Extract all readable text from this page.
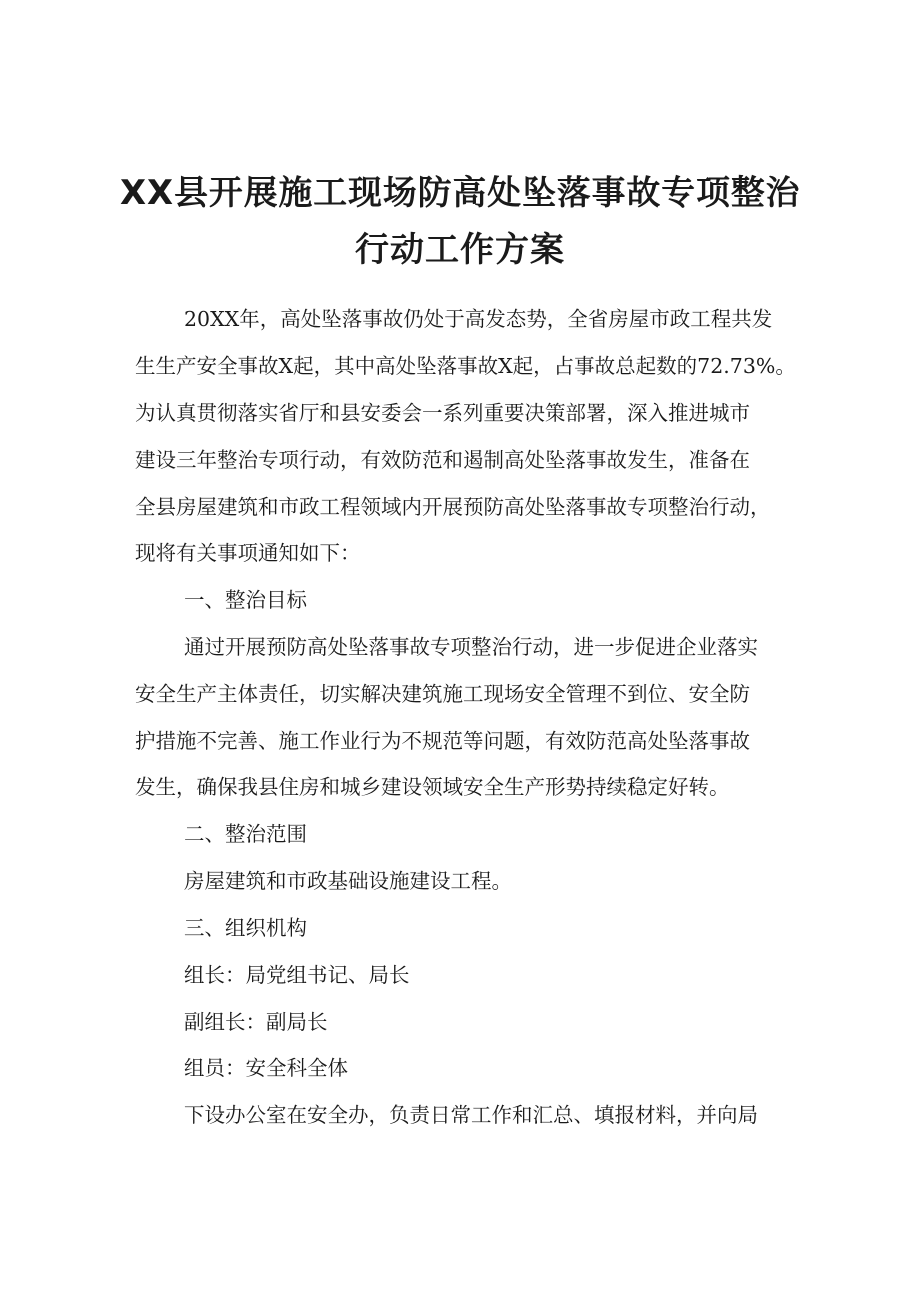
XX县开展施工现场防高处坠落事故专项整治
行动工作方案

20XX年，高处坠落事故仍处于高发态势，全省房屋市政工程共发

生生产安全事故X起，其中高处坠落事故X起，占事故总起数的72.73%。

为认真贯彻落实省厅和县安委会一系列重要决策部署，深入推进城市

建设三年整治专项行动，有效防范和遏制高处坠落事故发生，准备在

全县房屋建筑和市政工程领域内开展预防高处坠落事故专项整治行动，

现将有关事项通知如下：

一、整治目标

通过开展预防高处坠落事故专项整治行动，进一步促进企业落实

安全生产主体责任，切实解决建筑施工现场安全管理不到位、安全防

护措施不完善、施工作业行为不规范等问题，有效防范高处坠落事故

发生，确保我县住房和城乡建设领域安全生产形势持续稳定好转。

二、整治范围

房屋建筑和市政基础设施建设工程。

三、组织机构

组长：局党组书记、局长

副组长：副局长

组员：安全科全体

下设办公室在安全办，负责日常工作和汇总、填报材料，并向局
